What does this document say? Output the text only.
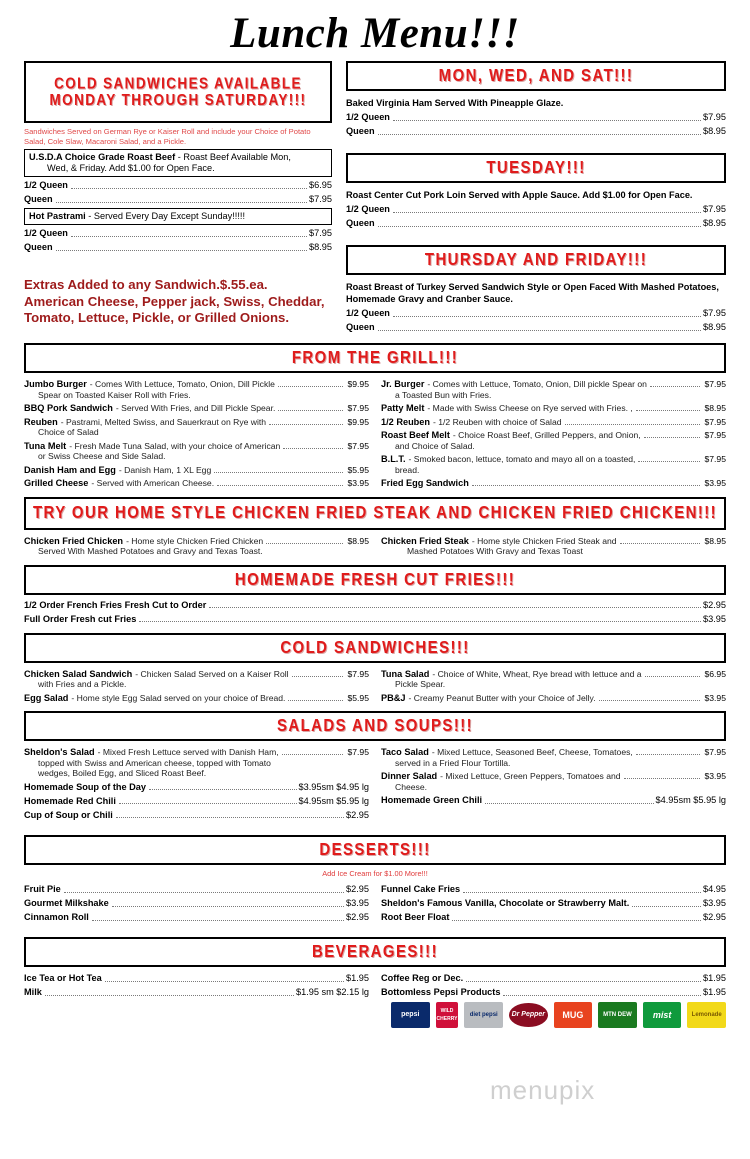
Lunch Menu!!!
COLD SANDWICHES AVAILABLE MONDAY THROUGH SATURDAY!!!
Sandwiches Served on German Rye or Kaiser Roll and include your Choice of Potato Salad, Cole Slaw, Macaroni Salad, and a Pickle.
U.S.D.A Choice Grade Roast Beef - Roast Beef Available Mon,
Wed, & Friday. Add $1.00 for Open Face.
1/2 Queen	$6.95
Queen	$7.95
Hot Pastrami - Served Every Day Except Sunday!!!!!
1/2 Queen	$7.95
Queen	$8.95
Extras Added to any Sandwich.$.55.ea.
American Cheese, Pepper jack, Swiss, Cheddar,
Tomato, Lettuce, Pickle, or Grilled Onions.
MON, WED, AND SAT!!!
Baked Virginia Ham Served With Pineapple Glaze.
1/2 Queen	$7.95
Queen	$8.95
TUESDAY!!!
Roast Center Cut Pork Loin Served with Apple Sauce. Add $1.00 for Open Face.
1/2 Queen	$7.95
Queen	$8.95
THURSDAY AND FRIDAY!!!
Roast Breast of Turkey Served Sandwich Style or Open Faced With Mashed Potatoes, Homemade Gravy and Cranber Sauce.
1/2 Queen	$7.95
Queen	$8.95
FROM THE GRILL!!!
Jumbo Burger - Comes With Lettuce, Tomato, Onion, Dill Pickle	$9.95
Spear on Toasted Kaiser Roll with Fries.
BBQ Pork Sandwich - Served With Fries, and Dill Pickle Spear.	$7.95
Reuben - Pastrami, Melted Swiss, and Sauerkraut on Rye with	$9.95
Choice of Salad
Tuna Melt - Fresh Made Tuna Salad, with your choice of American	$7.95
or Swiss Cheese and Side Salad.
Danish Ham and Egg - Danish Ham, 1 XL Egg	$5.95
Grilled Cheese - Served with American Cheese.	$3.95
Jr. Burger - Comes with Lettuce, Tomato, Onion, Dill pickle Spear on	$7.95
a Toasted Bun with Fries.
Patty Melt - Made with Swiss Cheese on Rye served with Fries. ,	$8.95
1/2 Reuben - 1/2 Reuben with choice of Salad	$7.95
Roast Beef Melt - Choice Roast Beef, Grilled Peppers, and Onion,	$7.95
and Choice of Salad.
B.L.T. - Smoked bacon, lettuce, tomato and mayo all on a toasted,	$7.95
bread.
Fried Egg Sandwich	$3.95
TRY OUR HOME STYLE CHICKEN FRIED STEAK AND CHICKEN FRIED CHICKEN!!!
Chicken Fried Chicken - Home style Chicken Fried Chicken	$8.95
Served With Mashed Potatoes and Gravy and Texas Toast.
Chicken Fried Steak - Home style Chicken Fried Steak and	$8.95
Mashed Potatoes With Gravy and Texas Toast
HOMEMADE FRESH CUT FRIES!!!
1/2 Order French Fries Fresh Cut to Order	$2.95
Full Order Fresh cut Fries	$3.95
COLD SANDWICHES!!!
Chicken Salad Sandwich - Chicken Salad Served on a Kaiser Roll	$7.95
with Fries and a Pickle.
Egg Salad - Home style Egg Salad served on your choice of Bread.	$5.95
Tuna Salad - Choice of White, Wheat, Rye bread with lettuce and a	$6.95
Pickle Spear.
PB&J - Creamy Peanut Butter with your Choice of Jelly.	$3.95
SALADS AND SOUPS!!!
Sheldon's Salad - Mixed Fresh Lettuce served with Danish Ham,	$7.95
topped with Swiss and American cheese, topped with Tomato
wedges, Boiled Egg, and Sliced Roast Beef.
Homemade Soup of the Day	$3.95sm $4.95 lg
Homemade Red Chili	$4.95sm $5.95 lg
Cup of Soup or Chili	$2.95
Taco Salad - Mixed Lettuce, Seasoned Beef, Cheese, Tomatoes,	$7.95
served in a Fried Flour Tortilla.
Dinner Salad - Mixed Lettuce, Green Peppers, Tomatoes and	$3.95
Cheese.
Homemade Green Chili	$4.95sm $5.95 lg
DESSERTS!!!
Add Ice Cream for $1.00 More!!!
Fruit Pie	$2.95
Gourmet Milkshake	$3.95
Cinnamon Roll	$2.95
Funnel Cake Fries	$4.95
Sheldon's Famous Vanilla, Chocolate or Strawberry Malt.	$3.95
Root Beer Float	$2.95
BEVERAGES!!!
Ice Tea or Hot Tea	$1.95
Milk	$1.95 sm $2.15 lg
Coffee Reg or Dec.	$1.95
Bottomless Pepsi Products	$1.95
pepsi	WILD CHERRY
diet pepsi	Dr Pepper MUG	MTN DEW mist	Lemonade
menupix
